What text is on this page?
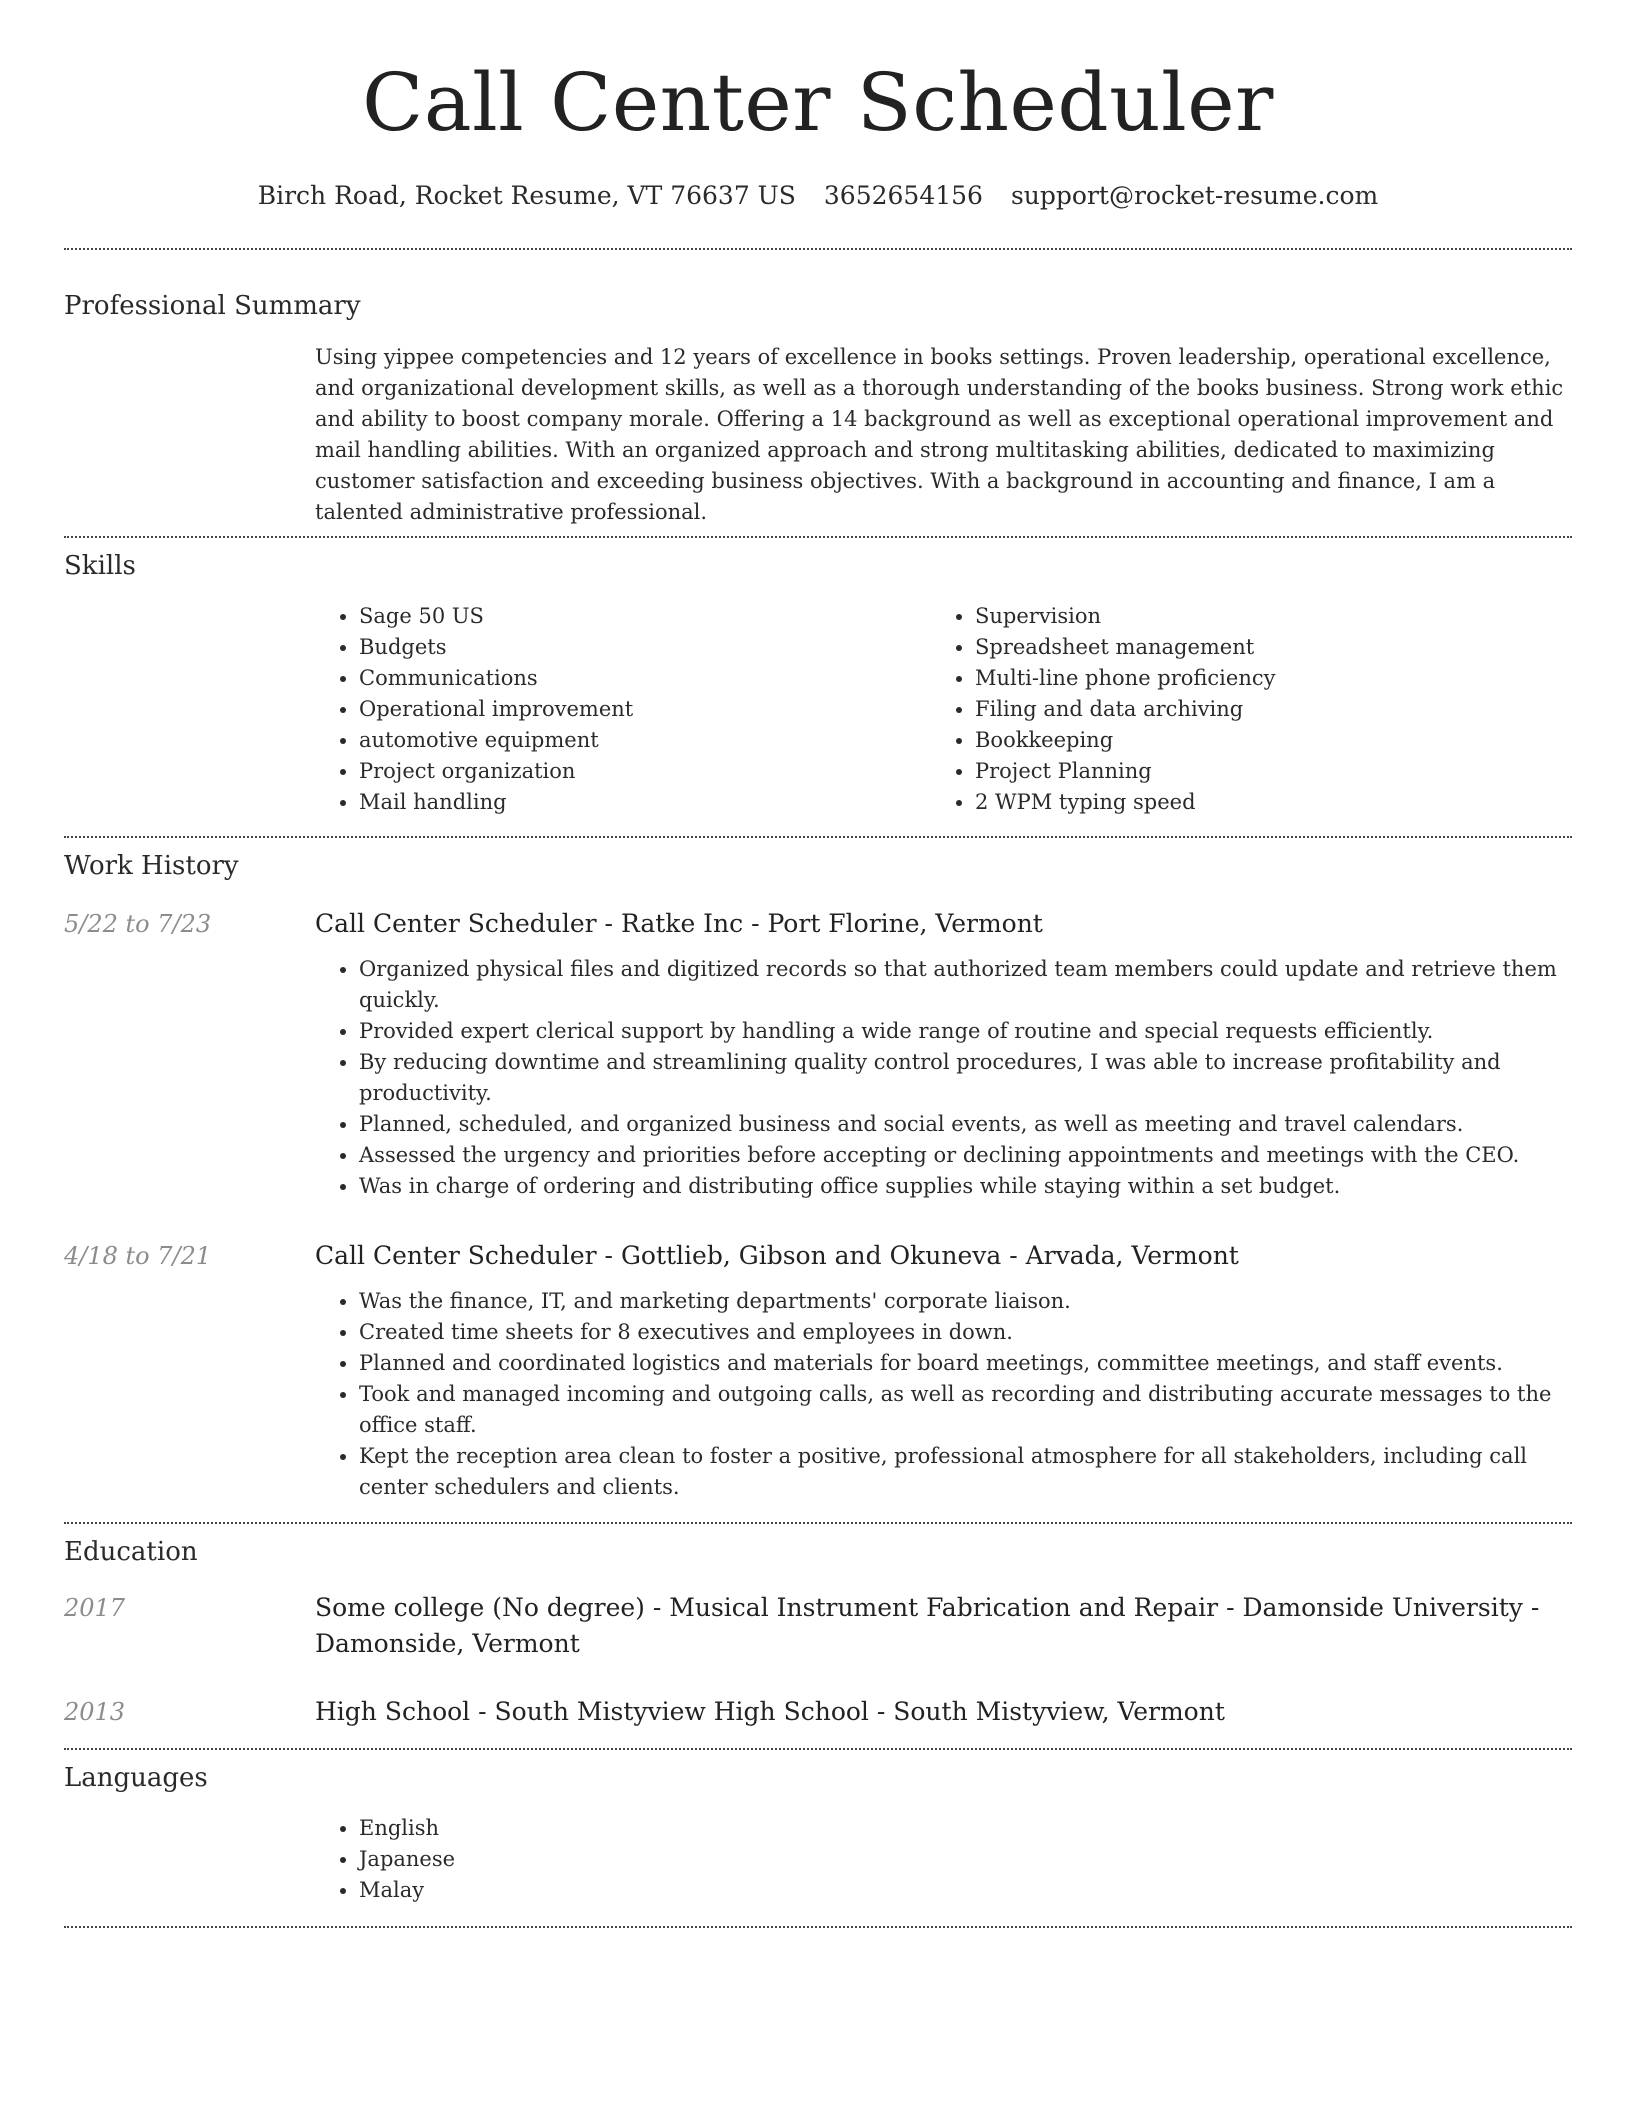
Call Center Scheduler
Birch Road, Rocket Resume, VT 76637 US 3652654156 support@rocket-resume.com
Professional Summary

Using yippee competencies and 12 years of excellence in books settings. Proven leadership, operational excellence, and organizational development skills, as well as a thorough understanding of the books business. Strong work ethic and ability to boost company morale. Offering a 14 background as well as exceptional operational improvement and mail handling abilities. With an organized approach and strong multitasking abilities, dedicated to maximizing customer satisfaction and exceeding business objectives. With a background in accounting and finance, I am a talented administrative professional.

Skills
• Sage 50 US
• Budgets
• Communications
• Operational improvement
• automotive equipment
• Project organization
• Mail handling
• Supervision
• Spreadsheet management
• Multi-line phone proficiency
• Filing and data archiving
• Bookkeeping
• Project Planning
• 2 WPM typing speed
Work History
5/22 to 7/23	Call Center Scheduler - Ratke Inc - Port Florine, Vermont
• Organized physical files and digitized records so that authorized team members could update and retrieve them quickly.
• Provided expert clerical support by handling a wide range of routine and special requests efficiently.
• By reducing downtime and streamlining quality control procedures, I was able to increase profitability and productivity.
• Planned, scheduled, and organized business and social events, as well as meeting and travel calendars.
• Assessed the urgency and priorities before accepting or declining appointments and meetings with the CEO.
• Was in charge of ordering and distributing office supplies while staying within a set budget.
4/18 to 7/21	Call Center Scheduler - Gottlieb, Gibson and Okuneva - Arvada, Vermont
• Was the finance, IT, and marketing departments' corporate liaison.
• Created time sheets for 8 executives and employees in down.
• Planned and coordinated logistics and materials for board meetings, committee meetings, and staff events.
• Took and managed incoming and outgoing calls, as well as recording and distributing accurate messages to the office staff.
• Kept the reception area clean to foster a positive, professional atmosphere for all stakeholders, including call center schedulers and clients.
Education
2017	Some college (No degree) - Musical Instrument Fabrication and Repair - Damonside University - Damonside, Vermont
2013	High School - South Mistyview High School - South Mistyview, Vermont
Languages
• English
• Japanese
• Malay
